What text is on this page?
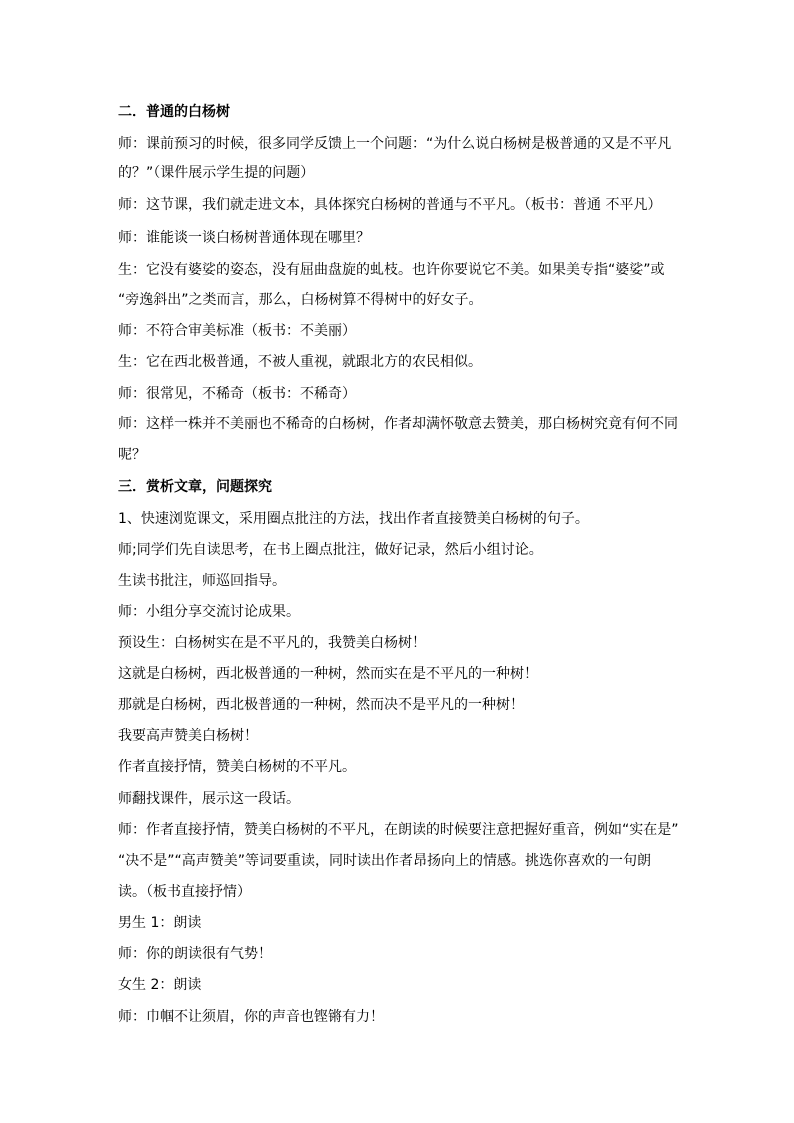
二．普通的白杨树
师：课前预习的时候，很多同学反馈上一个问题：“为什么说白杨树是极普通的又是不平凡
的？”（课件展示学生提的问题）
师：这节课，我们就走进文本，具体探究白杨树的普通与不平凡。（板书：普通 不平凡）
师：谁能谈一谈白杨树普通体现在哪里？
生：它没有婆娑的姿态，没有屈曲盘旋的虬枝。也许你要说它不美。如果美专指“婆娑”或
“旁逸斜出”之类而言，那么，白杨树算不得树中的好女子。
师：不符合审美标准（板书：不美丽）
生：它在西北极普通，不被人重视，就跟北方的农民相似。
师：很常见，不稀奇（板书：不稀奇）
师：这样一株并不美丽也不稀奇的白杨树，作者却满怀敬意去赞美，那白杨树究竟有何不同
呢？
三．赏析文章，问题探究
1、快速浏览课文，采用圈点批注的方法，找出作者直接赞美白杨树的句子。
师;同学们先自读思考，在书上圈点批注，做好记录，然后小组讨论。
生读书批注，师巡回指导。
师：小组分享交流讨论成果。
预设生：白杨树实在是不平凡的，我赞美白杨树！
这就是白杨树，西北极普通的一种树，然而实在是不平凡的一种树！
那就是白杨树，西北极普通的一种树，然而决不是平凡的一种树！
我要高声赞美白杨树！
作者直接抒情，赞美白杨树的不平凡。
师翻找课件，展示这一段话。
师：作者直接抒情，赞美白杨树的不平凡，在朗读的时候要注意把握好重音，例如“实在是”
“决不是”“高声赞美”等词要重读，同时读出作者昂扬向上的情感。挑选你喜欢的一句朗
读。（板书直接抒情）
男生 1：朗读
师：你的朗读很有气势！
女生 2：朗读
师：巾帼不让须眉，你的声音也铿锵有力！
